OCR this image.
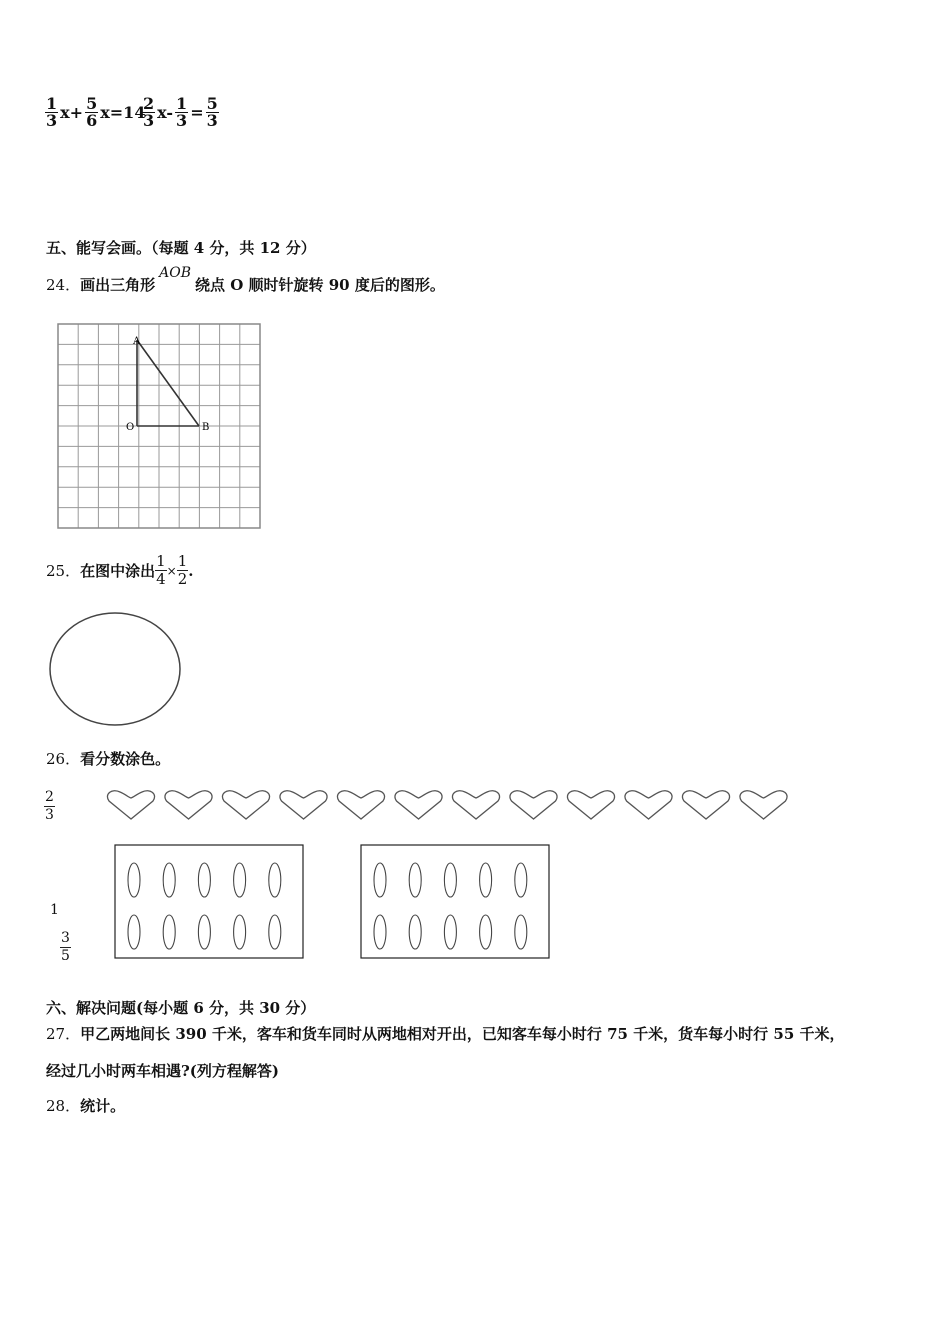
$\frac{1}{3} x+ \frac{5}{6} x=14$
$\frac{2}{3} x- \frac{1}{3} = \frac{5}{3}$
五、能写会画。（每题 4 分，共 12 分）
24． 画出三角形
AOB
绕点 O 顺时针旋转 90 度后的图形。
A
O	B
25． 在图中涂出 $\frac{1}{4} \times \frac{1}{2}$ .
26．看分数涂色。
2
3
1
3
5
六、解决问题(每小题 6 分，共 30 分）
27．甲乙两地间长 390 千米，客车和货车同时从两地相对开出，已知客车每小时行 75 千米，货车每小时行 55 千米，
经过几小时两车相遇?(列方程解答)
28．统计。
